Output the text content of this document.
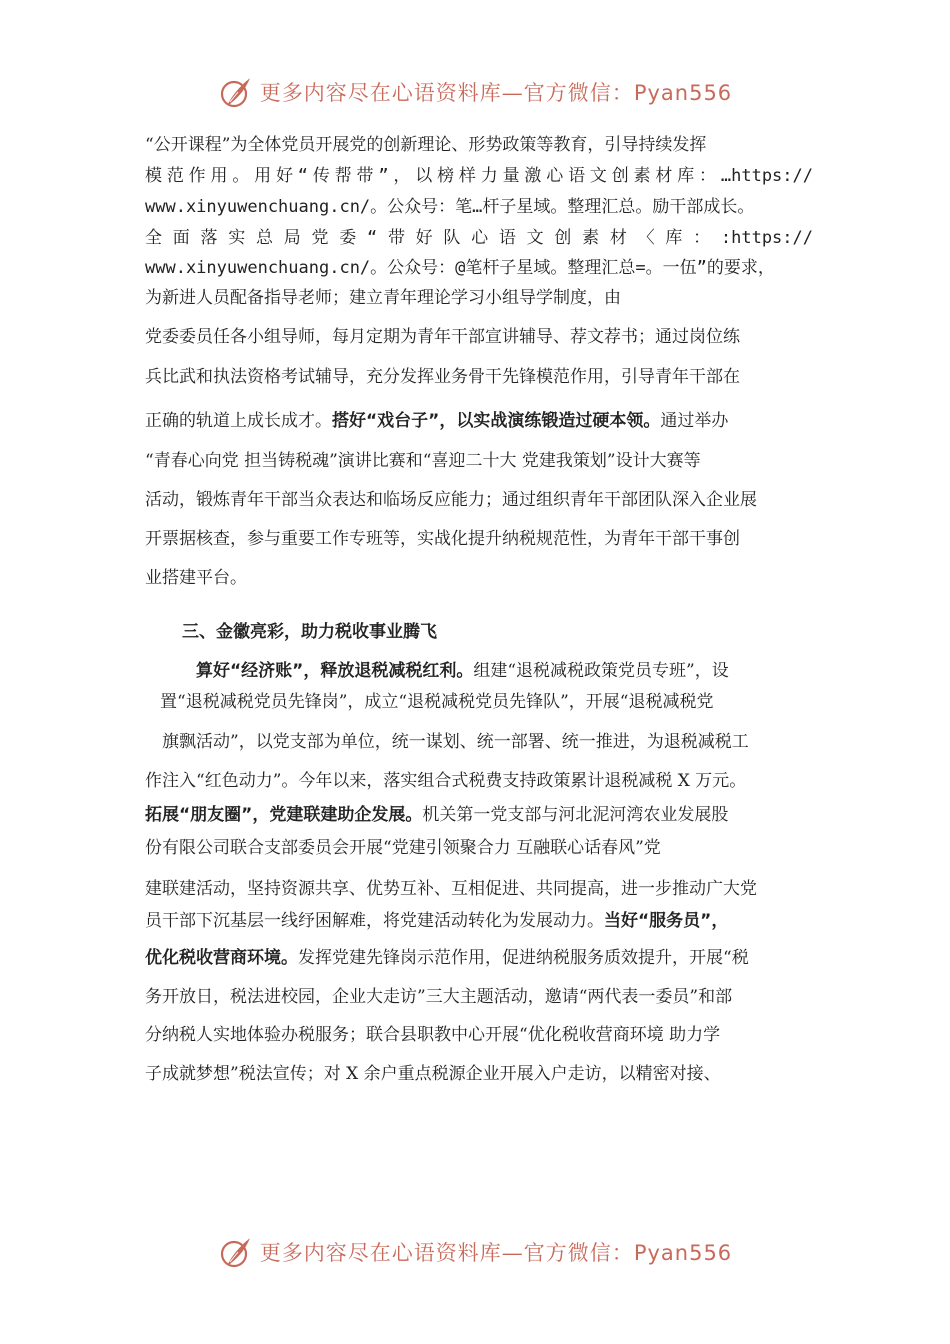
更多内容尽在心语资料库—官方微信：Pyan556
“公开课程”为全体党员开展党的创新理论、形势政策等教育，引导持续发挥
模范作用。用好“传帮带”，以榜样力量激心语文创素材库：…https://
www.xinyuwenchuang.cn/。公众号：笔…杆子星域。整理汇总。励干部成长。
全面落实总局党委“带好队心语文创素材〈库：:https://
www.xinyuwenchuang.cn/。公众号：@笔杆子星域。整理汇总=。一伍”的要求，
为新进人员配备指导老师；建立青年理论学习小组导学制度，由
党委委员任各小组导师，每月定期为青年干部宣讲辅导、荐文荐书；通过岗位练
兵比武和执法资格考试辅导，充分发挥业务骨干先锋模范作用，引导青年干部在
正确的轨道上成长成才。搭好“戏台子”，以实战演练锻造过硬本领。通过举办
“青春心向党 担当铸税魂”演讲比赛和“喜迎二十大 党建我策划”设计大赛等
活动，锻炼青年干部当众表达和临场反应能力；通过组织青年干部团队深入企业展
开票据核查，参与重要工作专班等，实战化提升纳税规范性，为青年干部干事创
业搭建平台。
三、金徽亮彩，助力税收事业腾飞
算好“经济账”，释放退税减税红利。组建“退税减税政策党员专班”，设
置“退税减税党员先锋岗”，成立“退税减税党员先锋队”，开展“退税减税党
旗飘活动”，以党支部为单位，统一谋划、统一部署、统一推进，为退税减税工
作注入“红色动力”。今年以来，落实组合式税费支持政策累计退税减税 X 万元。
拓展“朋友圈”，党建联建助企发展。机关第一党支部与河北泥河湾农业发展股
份有限公司联合支部委员会开展“党建引领聚合力 互融联心话春风”党
建联建活动，坚持资源共享、优势互补、互相促进、共同提高，进一步推动广大党
员干部下沉基层一线纾困解难，将党建活动转化为发展动力。当好“服务员”，
优化税收营商环境。发挥党建先锋岗示范作用，促进纳税服务质效提升，开展“税
务开放日，税法进校园，企业大走访”三大主题活动，邀请“两代表一委员”和部
分纳税人实地体验办税服务；联合县职教中心开展“优化税收营商环境 助力学
子成就梦想”税法宣传；对 X 余户重点税源企业开展入户走访，以精密对接、
更多内容尽在心语资料库—官方微信：Pyan556
